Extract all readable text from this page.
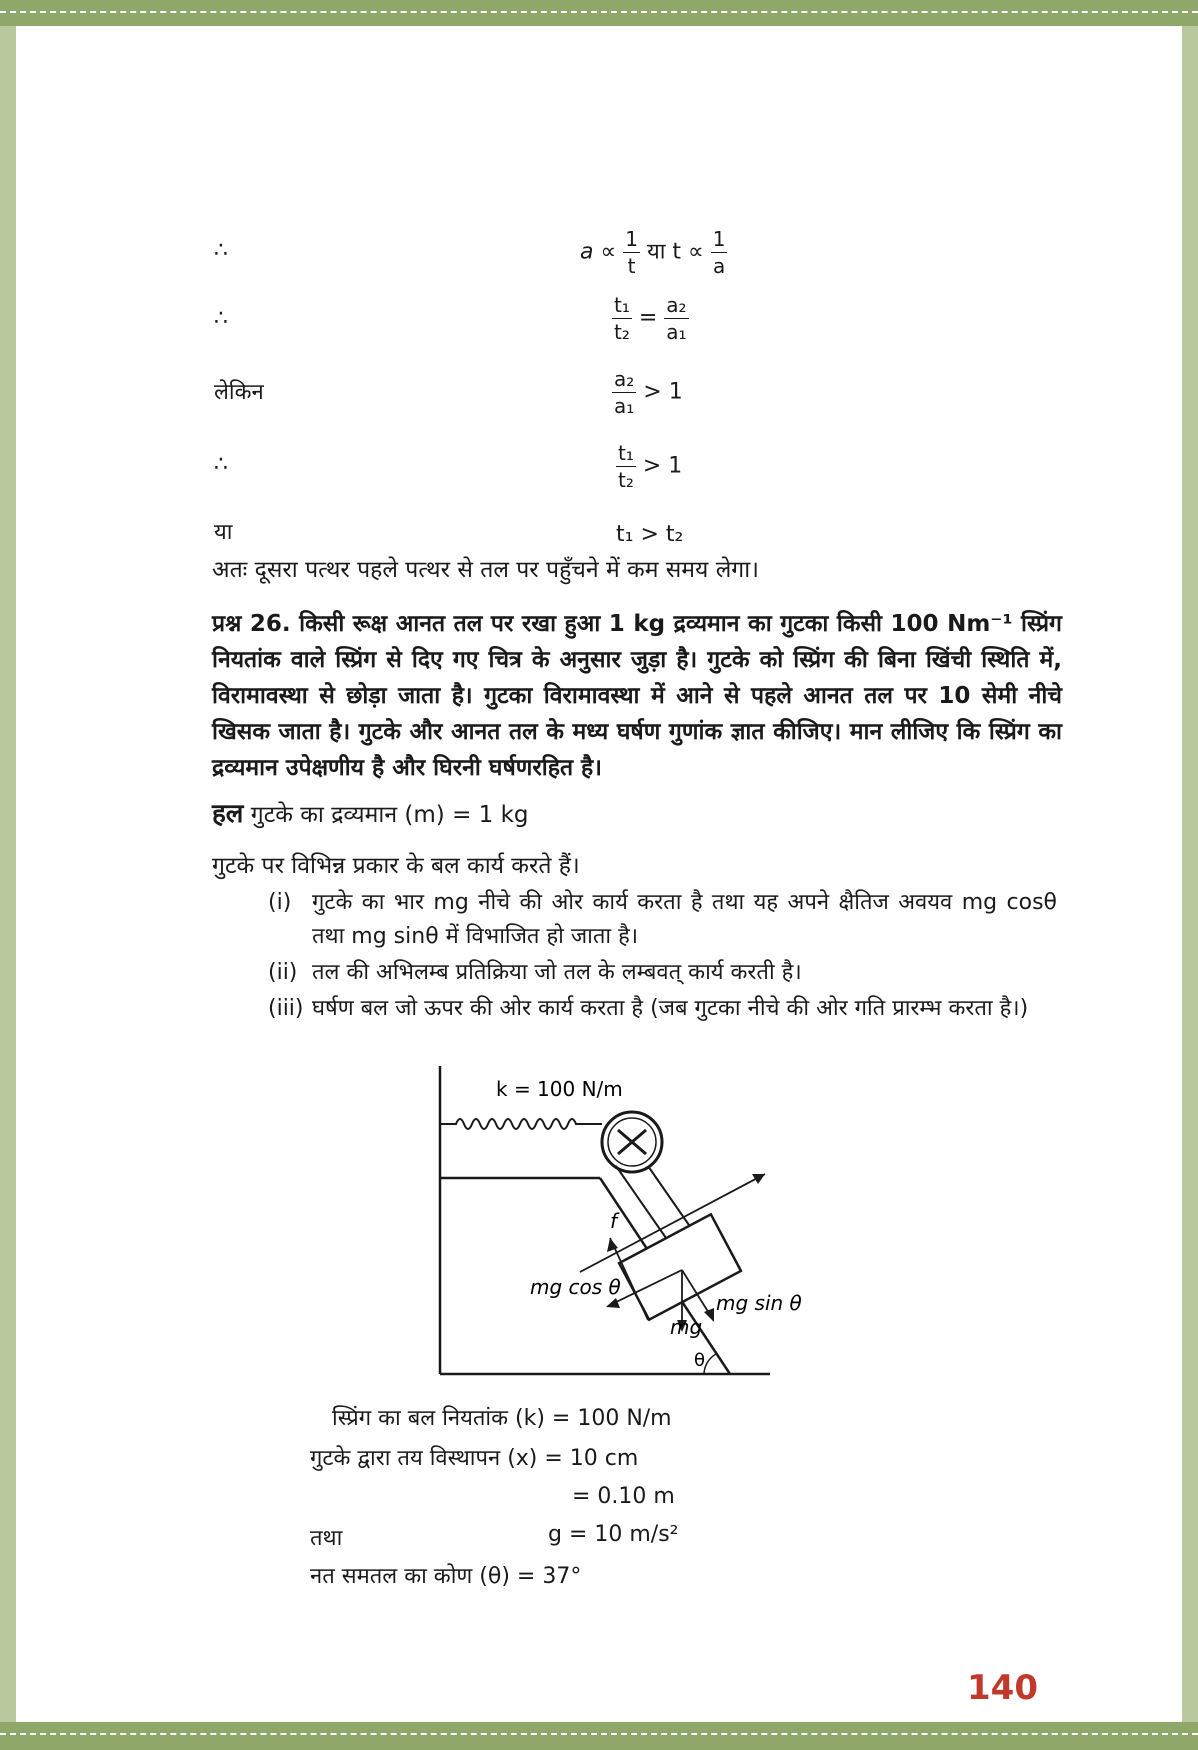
∴	$a \propto \frac{1}{t}$ या $t \propto \frac{1}{a}$
∴	$\frac{\text{t₁}}{\text{t₂}} = \frac{\text{a₂}}{\text{a₁}}$
लेकिन	$\frac{\text{a₂}}{\text{a₁}} > 1$
∴	$\frac{\text{t₁}}{\text{t₂}} > 1$
या	t₁ > t₂
अतः दूसरा पत्थर पहले पत्थर से तल पर पहुँचने में कम समय लेगा।
प्रश्न 26. किसी रूक्ष आनत तल पर रखा हुआ 1 kg द्रव्यमान का गुटका किसी 100 Nm⁻¹ स्प्रिंग नियतांक वाले स्प्रिंग से दिए गए चित्र के अनुसार जुड़ा है। गुटके को स्प्रिंग की बिना खिंची स्थिति में, विरामावस्था से छोड़ा जाता है। गुटका विरामावस्था में आने से पहले आनत तल पर 10 सेमी नीचे खिसक जाता है। गुटके और आनत तल के मध्य घर्षण गुणांक ज्ञात कीजिए। मान लीजिए कि स्प्रिंग का द्रव्यमान उपेक्षणीय है और घिरनी घर्षणरहित है।
हल गुटके का द्रव्यमान (m) = 1 kg
गुटके पर विभिन्न प्रकार के बल कार्य करते हैं।
(i) गुटके का भार mg नीचे की ओर कार्य करता है तथा यह अपने क्षैतिज अवयव mg cosθ तथा mg sinθ में विभाजित हो जाता है।
(ii) तल की अभिलम्ब प्रतिक्रिया जो तल के लम्बवत् कार्य करती है।
(iii) घर्षण बल जो ऊपर की ओर कार्य करता है (जब गुटका नीचे की ओर गति प्रारम्भ करता है।)
k = 100 N/m
f
mg cos θ
mg sin θ
mg
θ
स्प्रिंग का बल नियतांक (k) = 100 N/m
गुटके द्वारा तय विस्थापन (x) = 10 cm
= 0.10 m
तथा	g = 10 m/s²
नत समतल का कोण (θ) = 37°
140
